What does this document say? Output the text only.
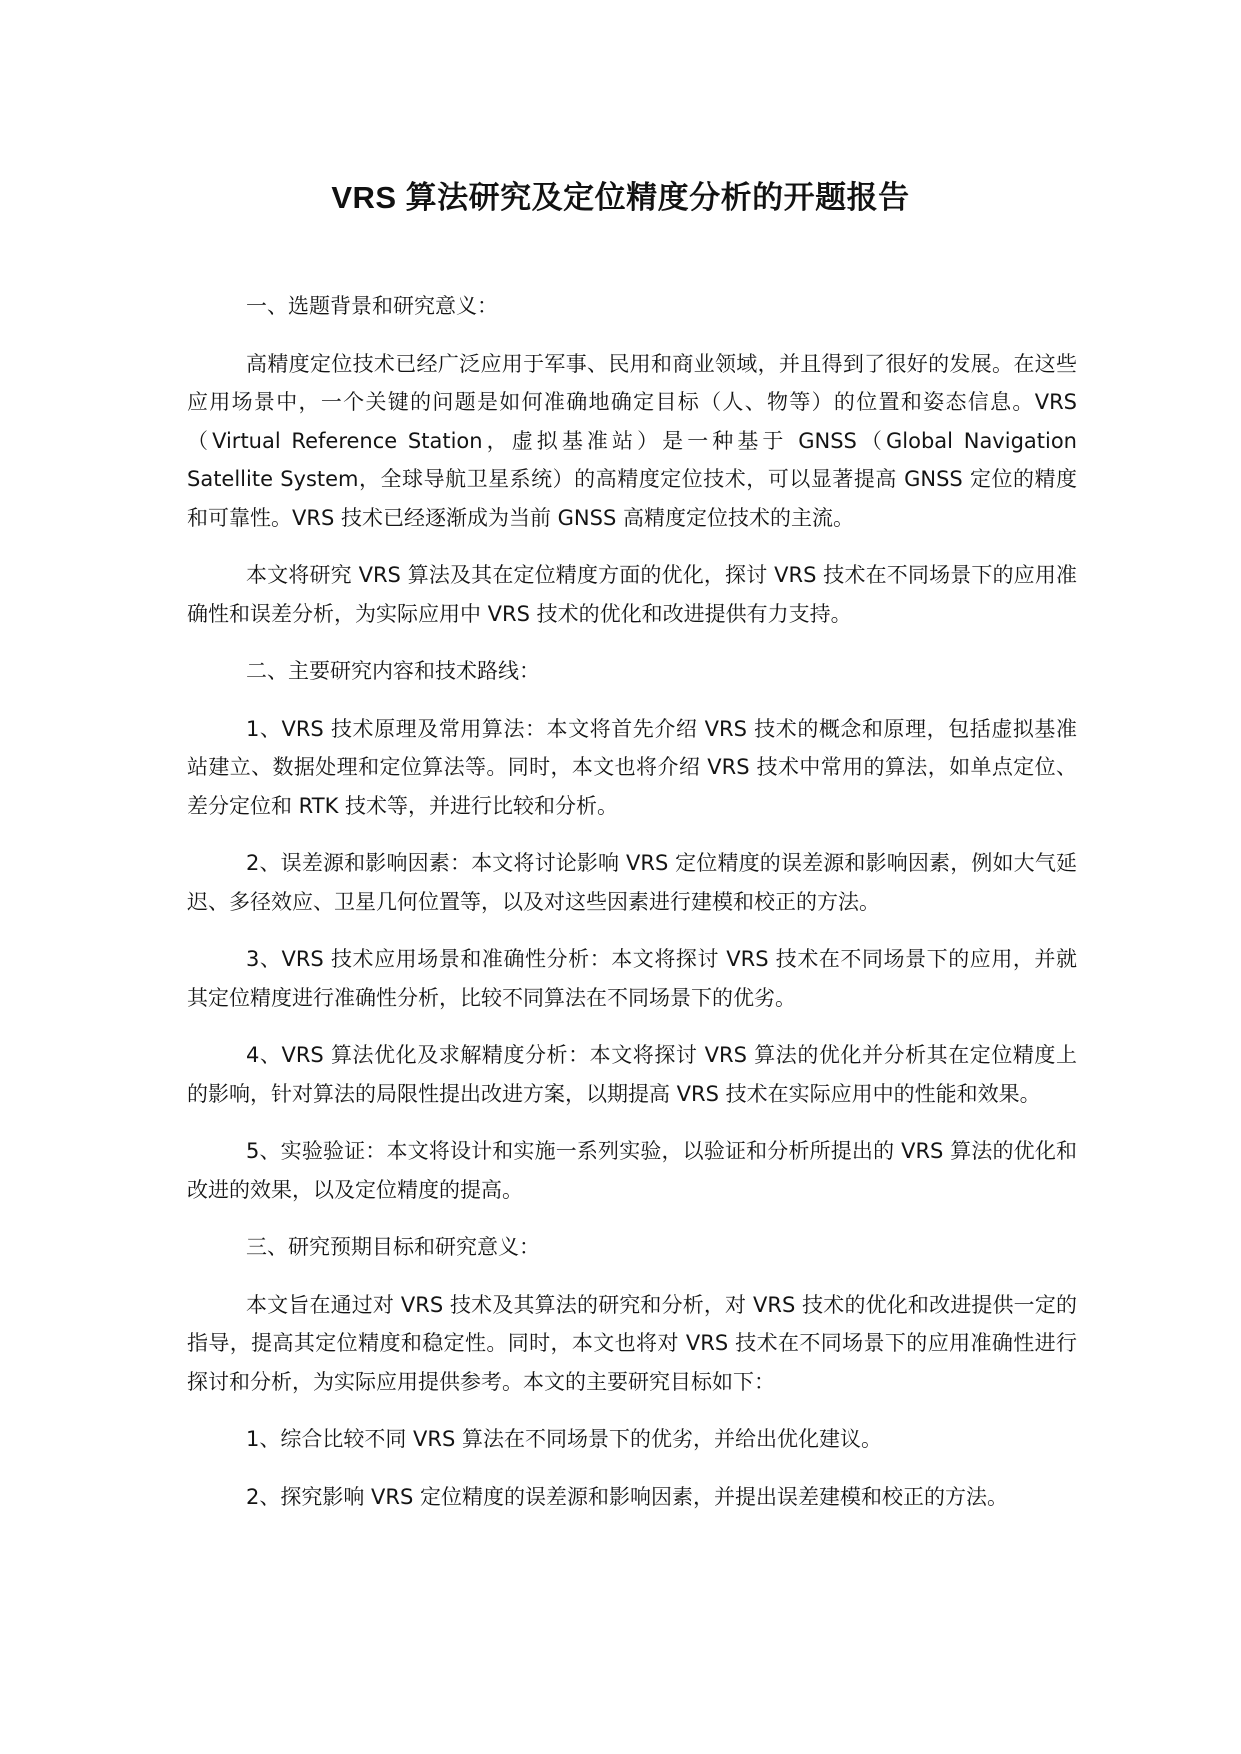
VRS 算法研究及定位精度分析的开题报告

一、选题背景和研究意义：

高精度定位技术已经广泛应用于军事、民用和商业领域，并且得到了很好的发展。在这些应用场景中，一个关键的问题是如何准确地确定目标（人、物等）的位置和姿态信息。VRS（Virtual Reference Station，虚拟基准站）是一种基于 GNSS（Global Navigation Satellite System，全球导航卫星系统）的高精度定位技术，可以显著提高 GNSS 定位的精度和可靠性。VRS 技术已经逐渐成为当前 GNSS 高精度定位技术的主流。

本文将研究 VRS 算法及其在定位精度方面的优化，探讨 VRS 技术在不同场景下的应用准确性和误差分析，为实际应用中 VRS 技术的优化和改进提供有力支持。

二、主要研究内容和技术路线：

1、VRS 技术原理及常用算法：本文将首先介绍 VRS 技术的概念和原理，包括虚拟基准站建立、数据处理和定位算法等。同时，本文也将介绍 VRS 技术中常用的算法，如单点定位、差分定位和 RTK 技术等，并进行比较和分析。

2、误差源和影响因素：本文将讨论影响 VRS 定位精度的误差源和影响因素，例如大气延迟、多径效应、卫星几何位置等，以及对这些因素进行建模和校正的方法。

3、VRS 技术应用场景和准确性分析：本文将探讨 VRS 技术在不同场景下的应用，并就其定位精度进行准确性分析，比较不同算法在不同场景下的优劣。

4、VRS 算法优化及求解精度分析：本文将探讨 VRS 算法的优化并分析其在定位精度上的影响，针对算法的局限性提出改进方案，以期提高 VRS 技术在实际应用中的性能和效果。

5、实验验证：本文将设计和实施一系列实验，以验证和分析所提出的 VRS 算法的优化和改进的效果，以及定位精度的提高。

三、研究预期目标和研究意义：

本文旨在通过对 VRS 技术及其算法的研究和分析，对 VRS 技术的优化和改进提供一定的指导，提高其定位精度和稳定性。同时，本文也将对 VRS 技术在不同场景下的应用准确性进行探讨和分析，为实际应用提供参考。本文的主要研究目标如下：

1、综合比较不同 VRS 算法在不同场景下的优劣，并给出优化建议。

2、探究影响 VRS 定位精度的误差源和影响因素，并提出误差建模和校正的方法。
